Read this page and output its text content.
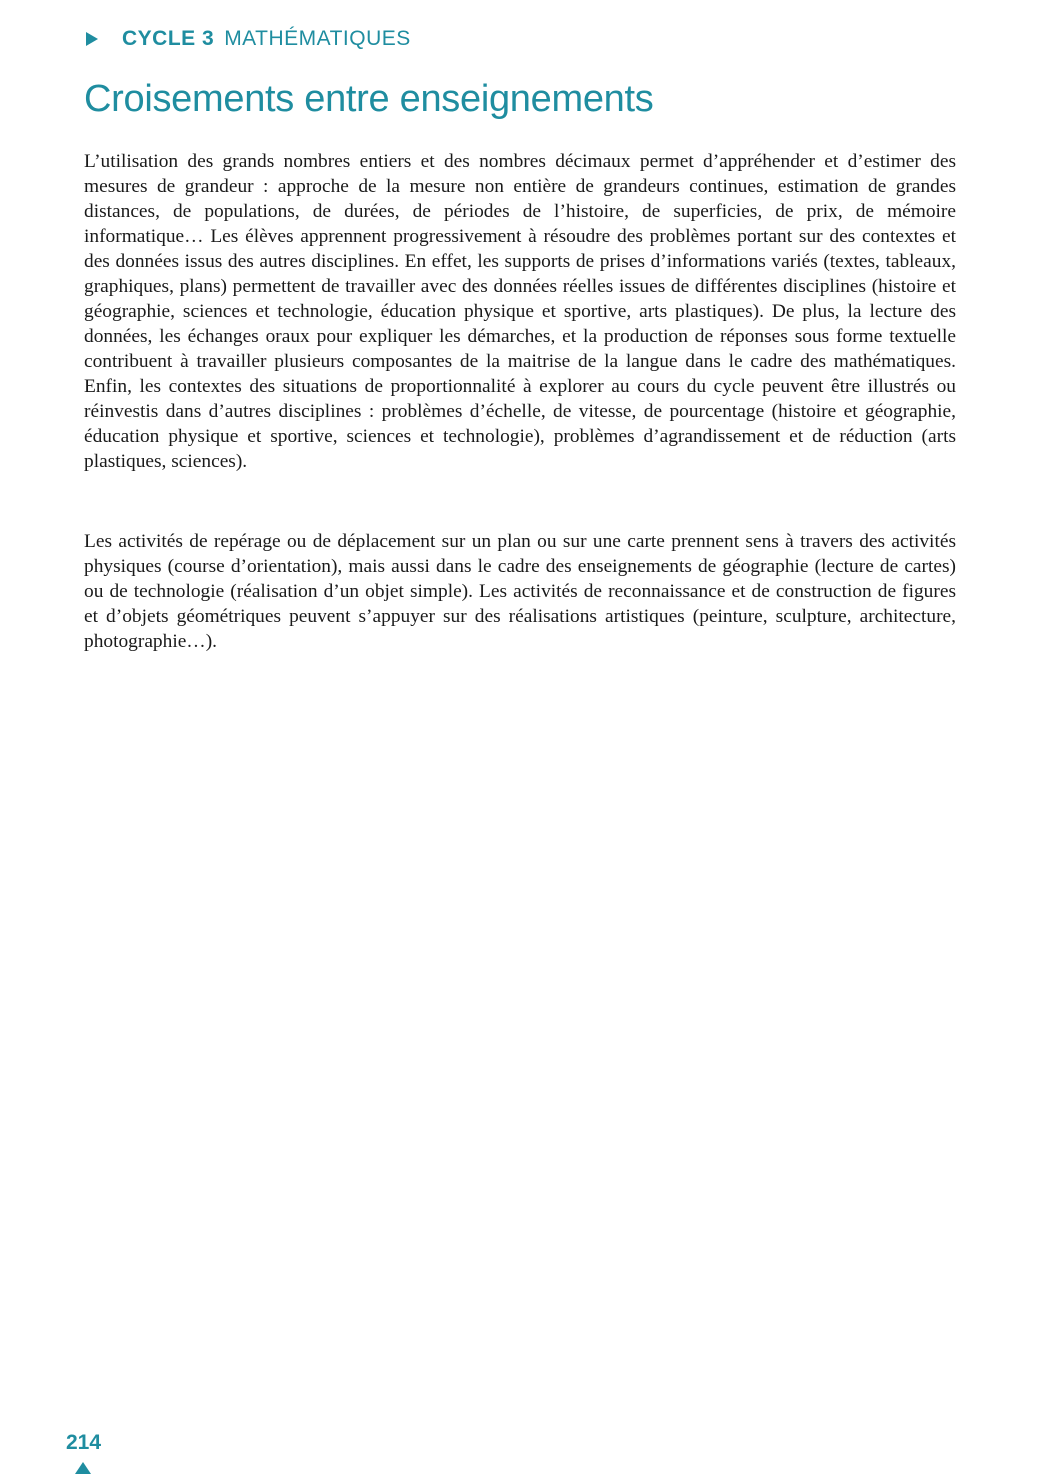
CYCLE 3 MATHÉMATIQUES
Croisements entre enseignements

L’utilisation des grands nombres entiers et des nombres décimaux permet d’appréhender et d’estimer des mesures de grandeur : approche de la mesure non entière de grandeurs continues, estimation de grandes distances, de populations, de durées, de périodes de l’histoire, de superficies, de prix, de mémoire informatique… Les élèves apprennent progressivement à résoudre des problèmes portant sur des contextes et des données issus des autres disciplines. En effet, les supports de prises d’informations variés (textes, tableaux, graphiques, plans) permettent de travailler avec des données réelles issues de différentes disciplines (histoire et géographie, sciences et technologie, éducation physique et sportive, arts plastiques). De plus, la lecture des données, les échanges oraux pour expliquer les démarches, et la production de réponses sous forme textuelle contribuent à travailler plusieurs composantes de la maitrise de la langue dans le cadre des mathématiques. Enfin, les contextes des situations de proportionnalité à explorer au cours du cycle peuvent être illustrés ou réinvestis dans d’autres disciplines : problèmes d’échelle, de vitesse, de pourcentage (histoire et géographie, éducation physique et sportive, sciences et technologie), problèmes d’agrandissement et de réduction (arts plastiques, sciences).

Les activités de repérage ou de déplacement sur un plan ou sur une carte prennent sens à travers des activités physiques (course d’orientation), mais aussi dans le cadre des enseignements de géographie (lecture de cartes) ou de technologie (réalisation d’un objet simple). Les activités de reconnaissance et de construction de figures et d’objets géométriques peuvent s’appuyer sur des réalisations artistiques (peinture, sculpture, architecture, photographie…).

214
